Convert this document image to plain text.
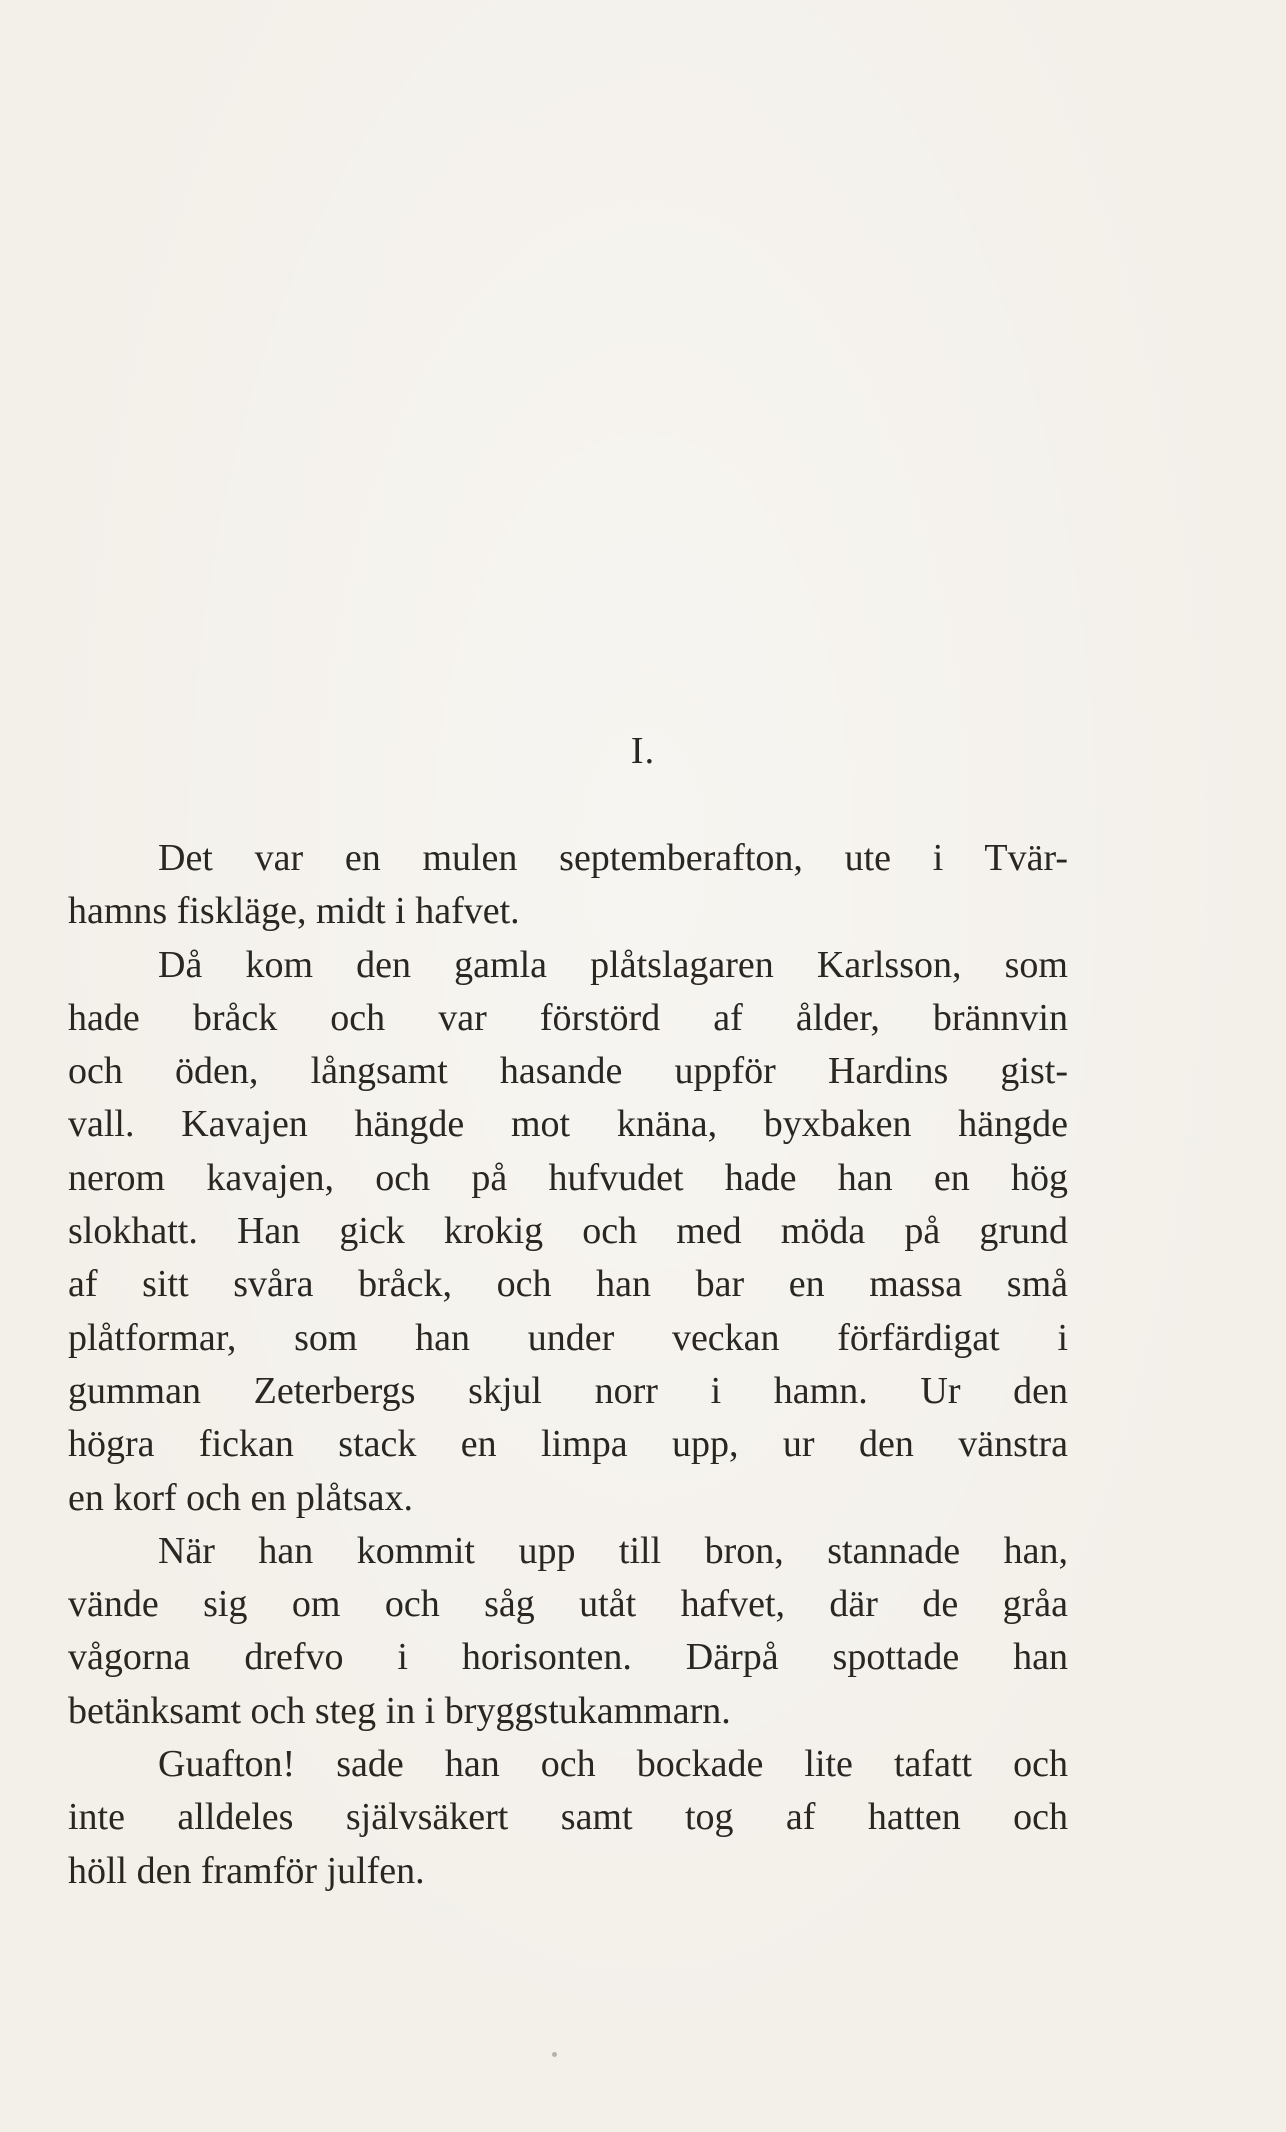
I.
Det var en mulen septemberafton, ute i Tvär-
hamns fiskläge, midt i hafvet.
Då kom den gamla plåtslagaren Karlsson, som
hade bråck och var förstörd af ålder, brännvin
och öden, långsamt hasande uppför Hardins gist-
vall. Kavajen hängde mot knäna, byxbaken hängde
nerom kavajen, och på hufvudet hade han en hög
slokhatt. Han gick krokig och med möda på grund
af sitt svåra bråck, och han bar en massa små
plåtformar, som han under veckan förfärdigat i
gumman Zeterbergs skjul norr i hamn. Ur den
högra fickan stack en limpa upp, ur den vänstra
en korf och en plåtsax.
När han kommit upp till bron, stannade han,
vände sig om och såg utåt hafvet, där de gråa
vågorna drefvo i horisonten. Därpå spottade han
betänksamt och steg in i bryggstukammarn.
Guafton! sade han och bockade lite tafatt och
inte alldeles självsäkert samt tog af hatten och
höll den framför julfen.
